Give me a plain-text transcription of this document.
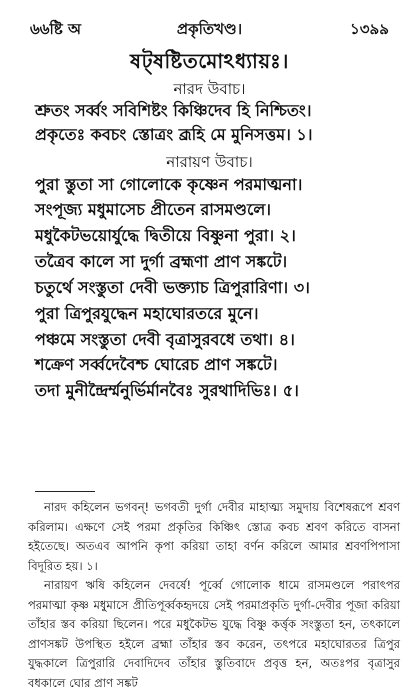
৬৬ষ্টি অ	প্রকৃতিখণ্ড।	১৩৯৯
ষট্‌ষষ্টিতমোঽধ্যায়ঃ।
নারদ উবাচ।
শ্রুতং সর্ব্বং সবিশিষ্টং কিঞ্চিদেব হি নিশ্চিতং।
প্রকৃতেঃ কবচং স্তোত্রং ব্রূহি মে মুনিসত্তম। ১।
নারায়ণ উবাচ।
পুরা স্তুতা সা গোলোকে কৃষ্ণেন পরমাত্মনা।
সংপূজ্য মধুমাসেচ প্রীতেন রাসমণ্ডলে।
মধুকৈটভয়োর্যুদ্ধে দ্বিতীয়ে বিষ্ণুনা পুরা। ২।
তত্রৈব কালে সা দুর্গা ব্রহ্মণা প্রাণ সঙ্কটে।
চতুর্থে সংস্তুতা দেবী ভক্ত্যাচ ত্রিপুরারিণা। ৩।
পুরা ত্রিপুরযুদ্ধেন মহাঘোরতরে মুনে।
পঞ্চমে সংস্তুতা দেবী বৃত্রাসুরবধে তথা। ৪।
শক্রেণ সর্ব্বদেবৈশ্চ ঘোরেচ প্রাণ সঙ্কটে।
তদা মুনীন্দ্রৈর্ম্মনুর্ভির্মানবৈঃ সুরথাদিভিঃ। ৫।

নারদ কহিলেন ভগবন্‌! ভগবতী দুর্গা দেবীর মাহাত্ম্য সমুদায় বিশেষরূপে শ্রবণ করিলাম। এক্ষণে সেই পরমা প্রকৃতির কিঞ্চিৎ স্তোত্র কবচ শ্রবণ করিতে বাসনা হইতেছে। অতএব আপনি কৃপা করিয়া তাহা বর্ণন করিলে আমার শ্রবণপিপাসা বিদূরিত হয়। ১।

নারায়ণ ঋষি কহিলেন দেবর্ষে! পূর্ব্বে গোলোক ধামে রাসমণ্ডলে পরাৎপর পরমাত্মা কৃষ্ণ মধুমাসে প্রীতিপূর্ব্বকহৃদয়ে সেই পরমাপ্রকৃতি দুর্গা-দেবীর পূজা করিয়া তাঁহার স্তব করিয়া ছিলেন। পরে মধুকৈটভ যুদ্ধে বিষ্ণু কর্ত্তৃক সংস্তুতা হন, তৎকালে প্রাণসঙ্কট উপস্থিত হইলে ব্রহ্মা তাঁহার স্তব করেন, তৎপরে মহাঘোরতর ত্রিপুর যুদ্ধকালে ত্রিপুরারি দেবাদিদেব তাঁহার স্তুতিবাদে প্রবৃত্ত হন, অতঃপর বৃত্রাসুর বধকালে ঘোর প্রাণ সঙ্কট
